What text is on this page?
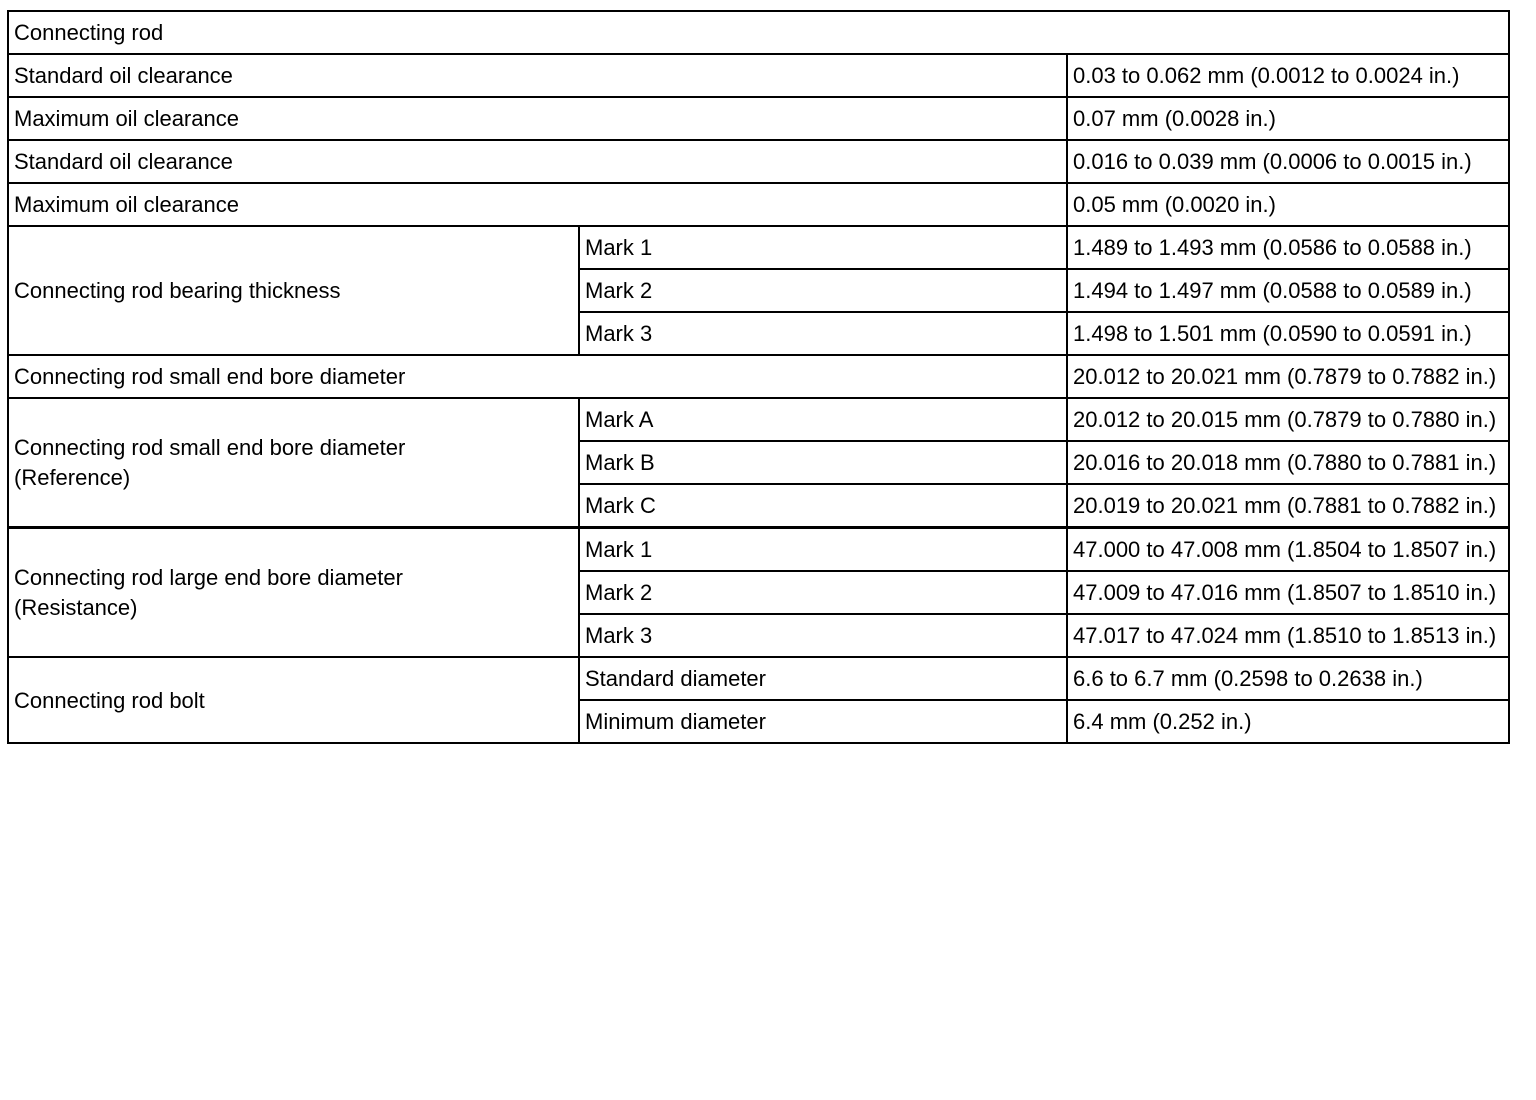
Connecting rod		
Standard oil clearance		0.03 to 0.062 mm (0.0012 to 0.0024 in.)
Maximum oil clearance		0.07 mm (0.0028 in.)
Standard oil clearance		0.016 to 0.039 mm (0.0006 to 0.0015 in.)
Maximum oil clearance		0.05 mm (0.0020 in.)
Connecting rod bearing thickness	Mark 1	1.489 to 1.493 mm (0.0586 to 0.0588 in.)
	Mark 2	1.494 to 1.497 mm (0.0588 to 0.0589 in.)
	Mark 3	1.498 to 1.501 mm (0.0590 to 0.0591 in.)
Connecting rod small end bore diameter		20.012 to 20.021 mm (0.7879 to 0.7882 in.)
Connecting rod small end bore diameter
(Reference)	Mark A	20.012 to 20.015 mm (0.7879 to 0.7880 in.)
	Mark B	20.016 to 20.018 mm (0.7880 to 0.7881 in.)
	Mark C	20.019 to 20.021 mm (0.7881 to 0.7882 in.)
Connecting rod large end bore diameter
(Resistance)	Mark 1	47.000 to 47.008 mm (1.8504 to 1.8507 in.)
	Mark 2	47.009 to 47.016 mm (1.8507 to 1.8510 in.)
	Mark 3	47.017 to 47.024 mm (1.8510 to 1.8513 in.)
Connecting rod bolt	Standard diameter	6.6 to 6.7 mm (0.2598 to 0.2638 in.)
	Minimum diameter	6.4 mm (0.252 in.)
